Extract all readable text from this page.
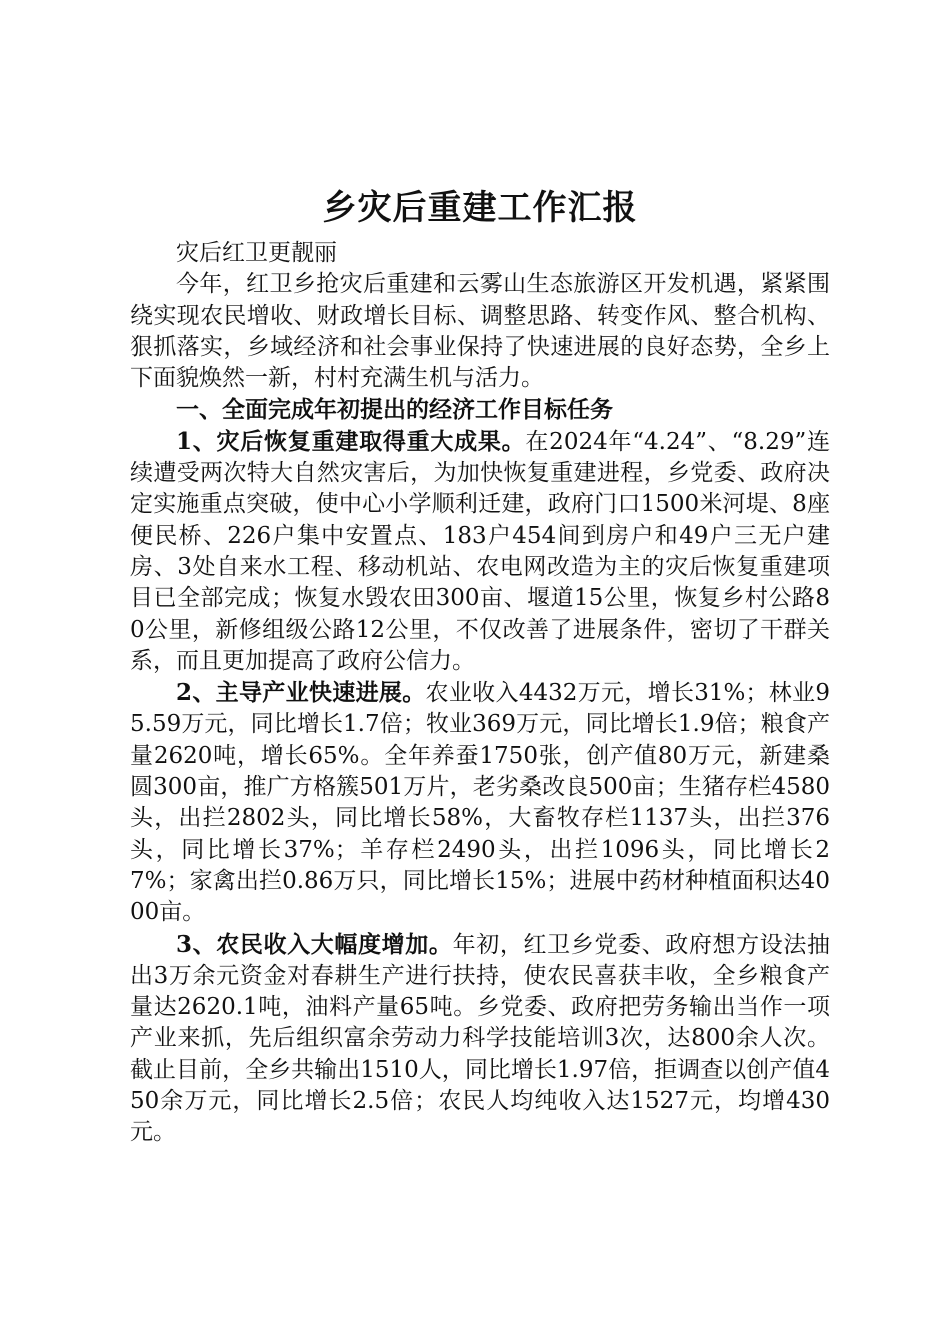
乡灾后重建工作汇报

灾后红卫更靓丽

今年，红卫乡抢灾后重建和云雾山生态旅游区开发机遇，紧紧围绕实现农民增收、财政增长目标、调整思路、转变作风、整合机构、狠抓落实，乡域经济和社会事业保持了快速进展的良好态势，全乡上下面貌焕然一新，村村充满生机与活力。

一、全面完成年初提出的经济工作目标任务

1、灾后恢复重建取得重大成果。在2024年“4.24”、“8.29”连续遭受两次特大自然灾害后，为加快恢复重建进程，乡党委、政府决定实施重点突破，使中心小学顺利迁建，政府门口1500米河堤、8座便民桥、226户集中安置点、183户454间到房户和49户三无户建房、3处自来水工程、移动机站、农电网改造为主的灾后恢复重建项目已全部完成；恢复水毁农田300亩、堰道15公里，恢复乡村公路80公里，新修组级公路12公里，不仅改善了进展条件，密切了干群关系，而且更加提高了政府公信力。

2、主导产业快速进展。农业收入4432万元，增长31%；林业95.59万元，同比增长1.7倍；牧业369万元，同比增长1.9倍；粮食产量2620吨，增长65%。全年养蚕1750张，创产值80万元，新建桑圆300亩，推广方格簇501万片，老劣桑改良500亩；生猪存栏4580头，出拦2802头，同比增长58%，大畜牧存栏1137头，出拦376头，同比增长37%；羊存栏2490头，出拦1096头，同比增长27%；家禽出拦0.86万只，同比增长15%；进展中药材种植面积达4000亩。

3、农民收入大幅度增加。年初，红卫乡党委、政府想方设法抽出3万余元资金对春耕生产进行扶持，使农民喜获丰收，全乡粮食产量达2620.1吨，油料产量65吨。乡党委、政府把劳务输出当作一项产业来抓，先后组织富余劳动力科学技能培训3次，达800余人次。截止目前，全乡共输出1510人，同比增长1.97倍，拒调查以创产值450余万元，同比增长2.5倍；农民人均纯收入达1527元，均增430元。
